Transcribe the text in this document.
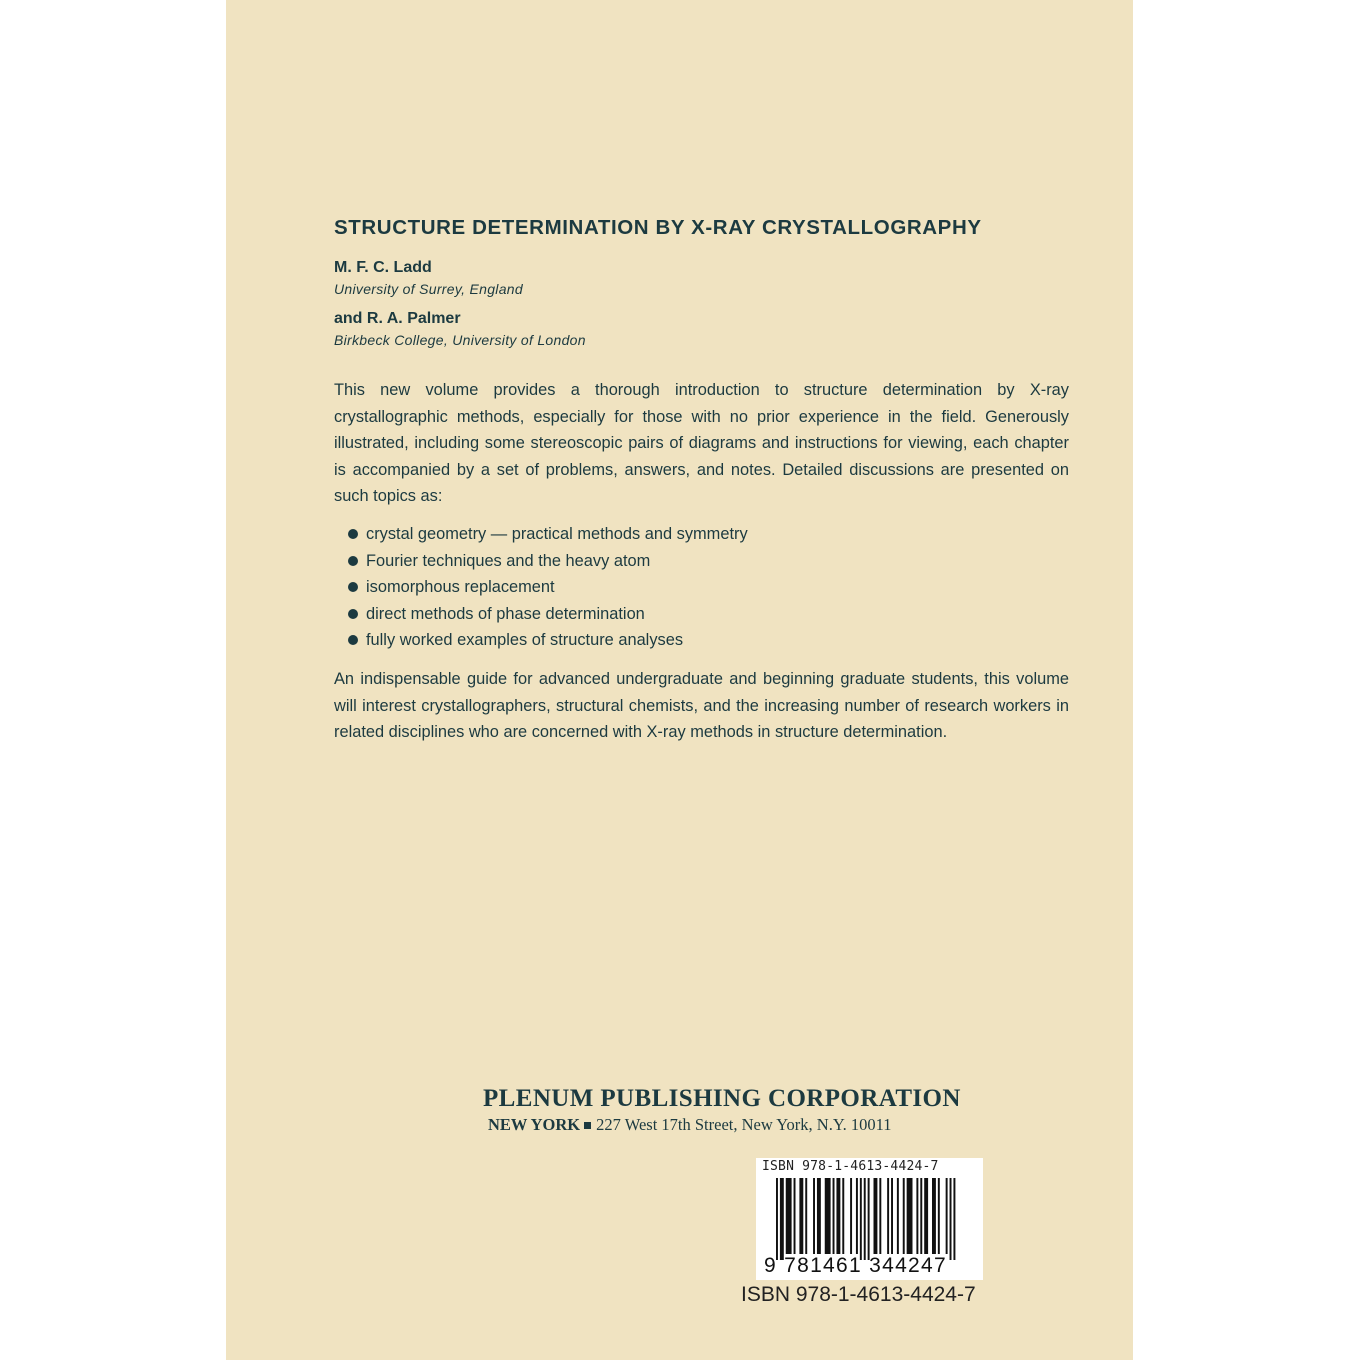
STRUCTURE DETERMINATION BY X-RAY CRYSTALLOGRAPHY
M. F. C. Ladd
University of Surrey, England
and R. A. Palmer
Birkbeck College, University of London

This new volume provides a thorough introduction to structure determination by X-ray crystallographic methods, especially for those with no prior experience in the field. Generously illustrated, including some stereoscopic pairs of diagrams and instructions for viewing, each chapter is accompanied by a set of problems, answers, and notes. Detailed discussions are presented on such topics as:

crystal geometry — practical methods and symmetry
Fourier techniques and the heavy atom
isomorphous replacement
direct methods of phase determination
fully worked examples of structure analyses

An indispensable guide for advanced undergraduate and beginning graduate students, this volume will interest crystallographers, structural chemists, and the increasing number of research workers in related disciplines who are concerned with X-ray methods in structure determination.

PLENUM PUBLISHING CORPORATION
NEW YORK 227 West 17th Street, New York, N.Y. 10011
ISBN 978-1-4613-4424-7
9 781461 344247
ISBN 978-1-4613-4424-7
